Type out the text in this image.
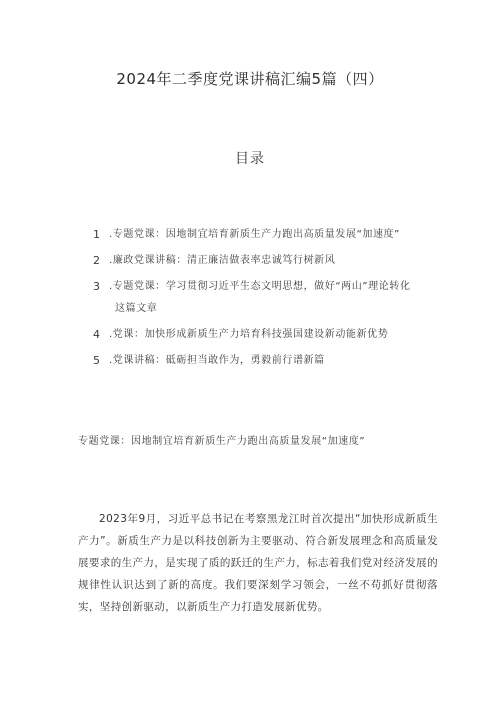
2024年二季度党课讲稿汇编5篇（四）
目录
1 .专题党课：因地制宜培育新质生产力跑出高质量发展“加速度”
2 .廉政党课讲稿：清正廉洁做表率忠诚笃行树新风
3 .专题党课：学习贯彻习近平生态文明思想，做好“两山”理论转化
这篇文章
4 .党课：加快形成新质生产力培育科技强国建设新动能新优势
5 .党课讲稿：砥砺担当敢作为，勇毅前行谱新篇
专题党课：因地制宜培育新质生产力跑出高质量发展“加速度”

2023年9月，习近平总书记在考察黑龙江时首次提出“加快形成新质生产力”。新质生产力是以科技创新为主要驱动、符合新发展理念和高质量发展要求的生产力，是实现了质的跃迁的生产力，标志着我们党对经济发展的规律性认识达到了新的高度。我们要深刻学习领会，一丝不苟抓好贯彻落实，坚持创新驱动，以新质生产力打造发展新优势。
